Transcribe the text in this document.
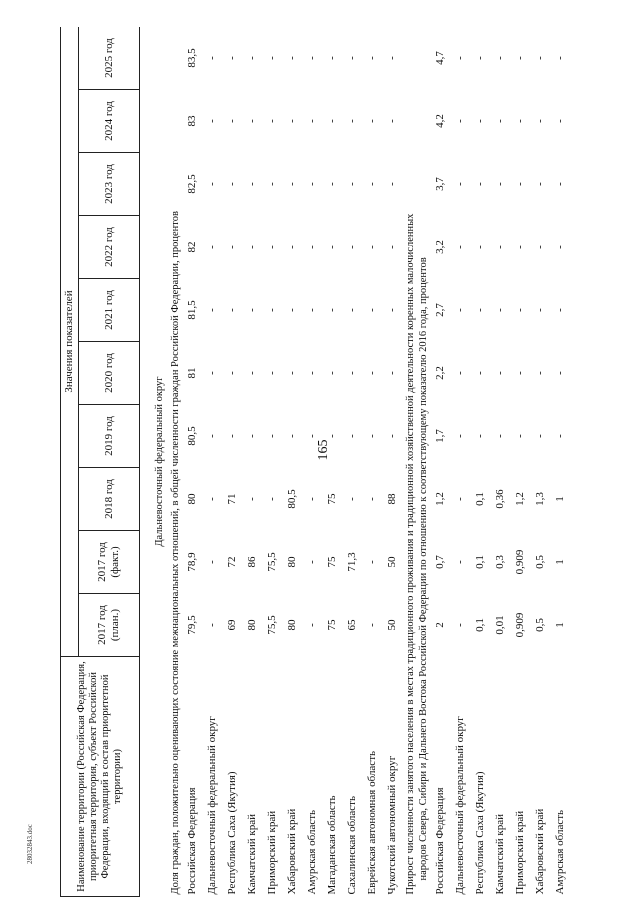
165
28032843.doc	Наименование территории (Российская Федерация, приоритетная территория, субъект Российской Федерации, входящий в состав приоритетной территории)	Значения показателей									
	2017 год (план.)	2017 год (факт.)	2018 год	2019 год	2020 год	2021 год	2022 год	2023 год	2024 год	2025 год

Дальневосточный федеральный округ										
Доля граждан, положительно оценивающих состояние межнациональных отношений, в общей численности граждан Российской Федерации, процентов										
Российская Федерация	79,5	78,9	80	80,5	81	81,5	82	82,5	83	83,5
Дальневосточный федеральный округ	-	-	-	-	-	-	-	-	-	-
Республика Саха (Якутия)	69	72	71	-	-	-	-	-	-	-
Камчатский край	80	86	-	-	-	-	-	-	-	-
Приморский край	75,5	75,5	-	-	-	-	-	-	-	-
Хабаровский край	80	80	80,5	-	-	-	-	-	-	-
Амурская область	-	-	-	-	-	-	-	-	-	-
Магаданская область	75	75	75	-	-	-	-	-	-	-
Сахалинская область	65	71,3	-	-	-	-	-	-	-	-
Еврейская автономная область	-	-	-	-	-	-	-	-	-	-
Чукотский автономный округ	50	50	88	-	-	-	-	-	-	-

Прирост численности занятого населения в местах традиционного проживания и традиционной хозяйственной деятельности коренных малочисленных народов Севера, Сибири и Дальнего Востока Российской Федерации по отношению к соответствующему показателю 2016 года, процентов										

Российская Федерация	2	0,7	1,2	1,7	2,2	2,7	3,2	3,7	4,2	4,7
Дальневосточный федеральный округ	-	-	-	-	-	-	-	-	-	-
Республика Саха (Якутия)	0,1	0,1	0,1	-	-	-	-	-	-	-
Камчатский край	0,01	0,3	0,36	-	-	-	-	-	-	-
Приморский край	0,909	0,909	1,2	-	-	-	-	-	-	-
Хабаровский край	0,5	0,5	1,3	-	-	-	-	-	-	-
Амурская область	1	1	1	-	-	-	-	-	-	-
